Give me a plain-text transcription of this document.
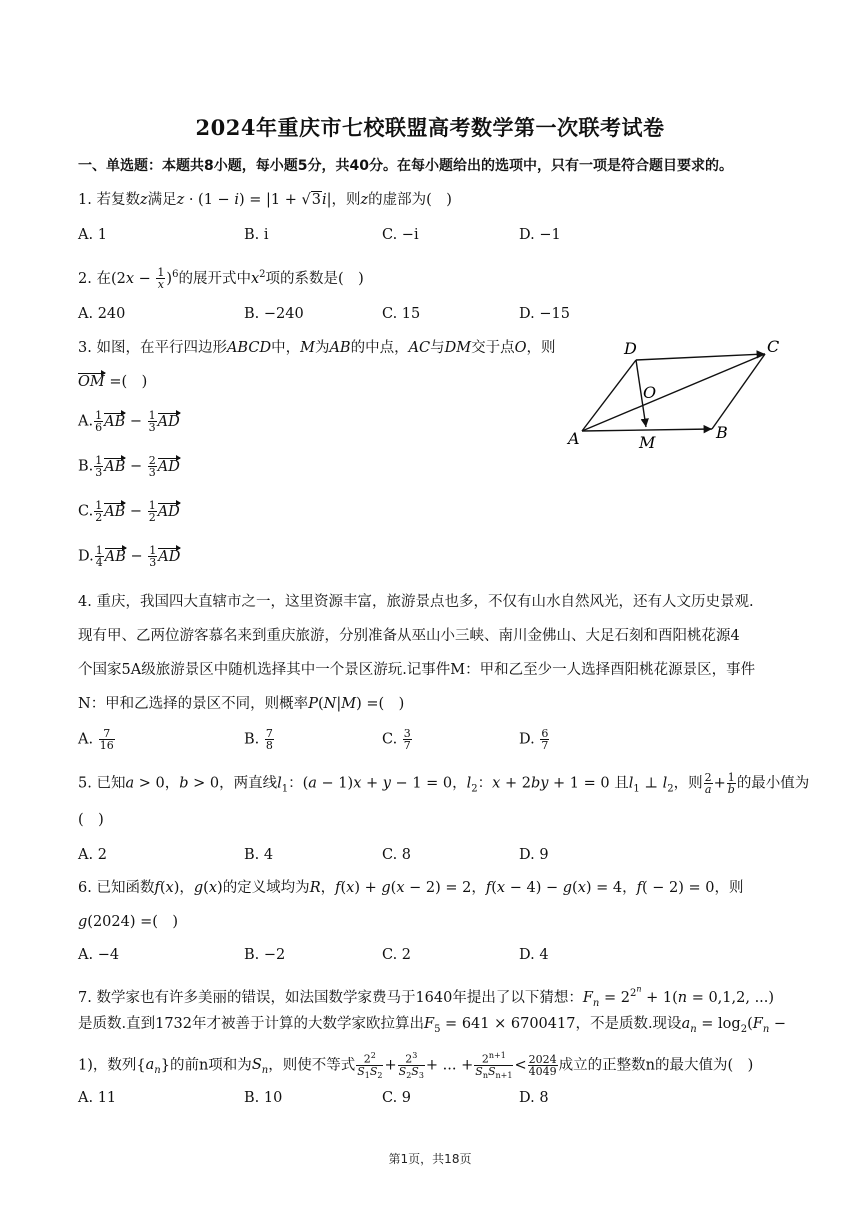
2024年重庆市七校联盟高考数学第一次联考试卷
一、单选题：本题共8小题，每小题5分，共40分。在每小题给出的选项中，只有一项是符合题目要求的。
1. 若复数z满足z · (1 − i) = |1 + √3i|，则z的虚部为(　)
A. 1	B. i	C. −i	D. −1
2. 在$(2x - \frac{1}{x} )^6$的展开式中$x^2$项的系数是(　)
A. 240	B. −240	C. 15	D. −15
3. 如图，在平行四边形ABCD中，M为AB的中点，AC与DM交于点O，则
OM =(　)
A. $\frac{1}{6}$ AB − $\frac{1}{3}$ AD
B. $\frac{1}{3}$ AB − $\frac{2}{3}$ AD
C. $\frac{1}{2}$ AB − $\frac{1}{2}$ AD
D. $\frac{1}{4}$ AB − $\frac{1}{3}$ AD
A	B
C
D
M
O
4. 重庆，我国四大直辖市之一，这里资源丰富，旅游景点也多，不仅有山水自然风光，还有人文历史景观.
现有甲、乙两位游客慕名来到重庆旅游，分别准备从巫山小三峡、南川金佛山、大足石刻和酉阳桃花源4
个国家5A级旅游景区中随机选择其中一个景区游玩.记事件M：甲和乙至少一人选择酉阳桃花源景区，事件
N：甲和乙选择的景区不同，则概率P(N|M) =(　)
A. $\frac{7}{16}$	B. $\frac{7}{8}$	C. $\frac{3}{7}$	D. $\frac{6}{7}$
5. 已知a > 0，b > 0，两直线$l_1$：(a − 1)x + y − 1 = 0，$l_2$：x + 2by + 1 = 0 且$l_1$ ⊥ $l_2$，则 $\frac{2}{a} + \frac{1}{b}$ 的最小值为
(　)
A. 2	B. 4	C. 8	D. 9
6. 已知函数f(x)，g(x)的定义域均为R，f(x) + g(x − 2) = 2，f(x − 4) − g(x) = 4，f( − 2) = 0，则
g(2024) =(　)
A. −4	B. −2	C. 2	D. 4
7. 数学家也有许多美丽的错误，如法国数学家费马于1640年提出了以下猜想：$F_n = 2^{2^n} + 1(n = 0,1,2$, ...)
是质数.直到1732年才被善于计算的大数学家欧拉算出$F_5 = 641 \times 6700417$，不是质数.现设$a_n = \log_2(F_n$ −
1)，数列$\{a_n\}$的前n项和为$S_n$，则使不等式 $\frac{2^2}{S_1S_2} + \frac{2^3}{S_2S_3}$ + ... + $\frac{2^{n+1}}{S_nS_{n+1}} < \frac{2024}{4049}$ 成立的正整数n的最大值为(　)
A. 11	B. 10	C. 9	D. 8
第1页，共18页
